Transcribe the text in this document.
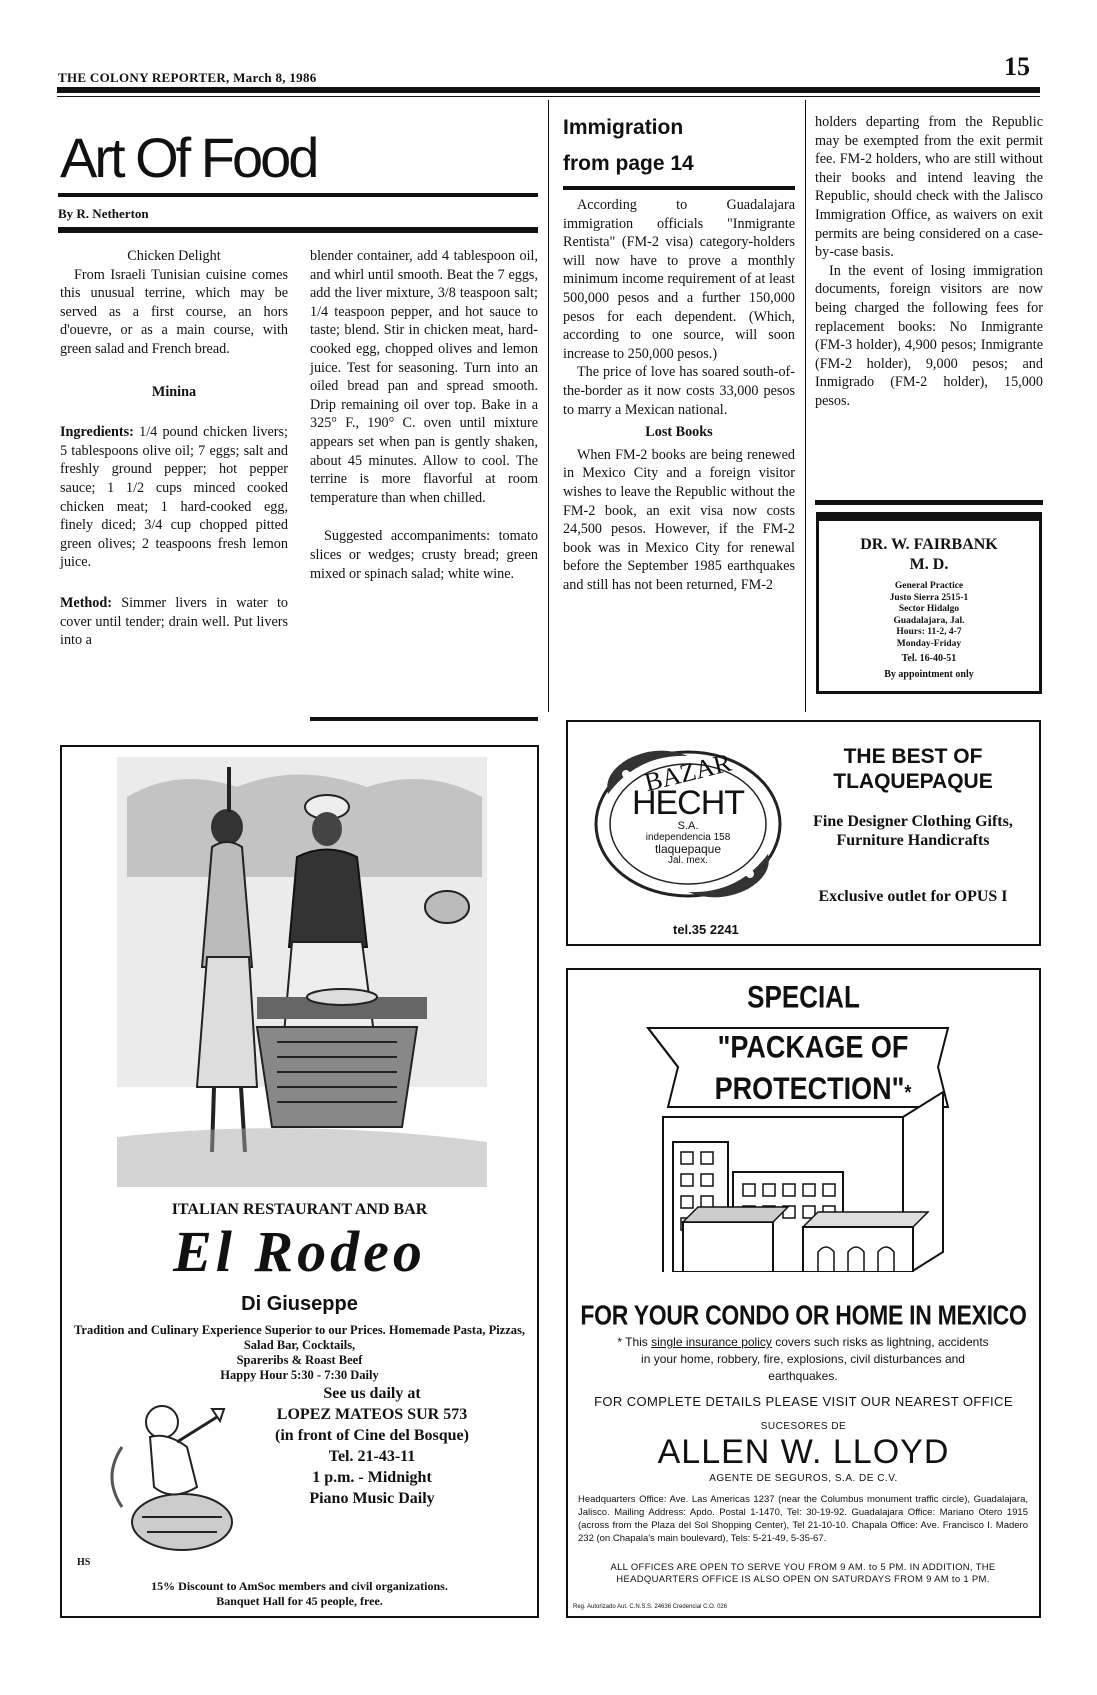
THE COLONY REPORTER, March 8, 1986	15
Art Of Food
By R. Netherton

Chicken Delight

From Israeli Tunisian cuisine comes this unusual terrine, which may be served as a first course, an hors d'ouevre, or as a main course, with green salad and French bread.

Minina

Ingredients: 1/4 pound chicken livers; 5 tablespoons olive oil; 7 eggs; salt and freshly ground pepper; hot pepper sauce; 1 1/2 cups minced cooked chicken meat; 1 hard-cooked egg, finely diced; 3/4 cup chopped pitted green olives; 2 teaspoons fresh lemon juice.

Method: Simmer livers in water to cover until tender; drain well. Put livers into a

blender container, add 4 tablespoon oil, and whirl until smooth. Beat the 7 eggs, add the liver mixture, 3/8 teaspoon salt; 1/4 teaspoon pepper, and hot sauce to taste; blend. Stir in chicken meat, hard-cooked egg, chopped olives and lemon juice. Test for seasoning. Turn into an oiled bread pan and spread smooth. Drip remaining oil over top. Bake in a 325° F., 190° C. oven until mixture appears set when pan is gently shaken, about 45 minutes. Allow to cool. The terrine is more flavorful at room temperature than when chilled.

Suggested accompaniments: tomato slices or wedges; crusty bread; green mixed or spinach salad; white wine.

Immigration
from page 14

According to Guadalajara immigration officials "Inmigrante Rentista" (FM-2 visa) category-holders will now have to prove a monthly minimum income requirement of at least 500,000 pesos and a further 150,000 pesos for each dependent. (Which, according to one source, will soon increase to 250,000 pesos.)

The price of love has soared south-of-the-border as it now costs 33,000 pesos to marry a Mexican national.

Lost Books

When FM-2 books are being renewed in Mexico City and a foreign visitor wishes to leave the Republic without the FM-2 book, an exit visa now costs 24,500 pesos. However, if the FM-2 book was in Mexico City for renewal before the September 1985 earthquakes and still has not been returned, FM-2

holders departing from the Republic may be exempted from the exit permit fee. FM-2 holders, who are still without their books and intend leaving the Republic, should check with the Jalisco Immigration Office, as waivers on exit permits are being considered on a case-by-case basis.

In the event of losing immigration documents, foreign visitors are now being charged the following fees for replacement books: No Inmigrante (FM-3 holder), 4,900 pesos; Inmigrante (FM-2 holder), 9,000 pesos; and Inmigrado (FM-2 holder), 15,000 pesos.

DR. W. FAIRBANK
M. D.
General Practice
Justo Sierra 2515-1
Sector Hidalgo
Guadalajara, Jal.
Hours: 11-2, 4-7
Monday-Friday
Tel. 16-40-51
By appointment only
ITALIAN RESTAURANT AND BAR
El Rodeo
Di Giuseppe
Tradition and Culinary Experience Superior to our Prices. Homemade Pasta, Pizzas, Salad Bar, Cocktails,
Spareribs & Roast Beef
Happy Hour 5:30 - 7:30 Daily
HS
See us daily at
LOPEZ MATEOS SUR 573
(in front of Cine del Bosque)
Tel. 21-43-11
1 p.m. - Midnight
Piano Music Daily
15% Discount to AmSoc members and civil organizations.
Banquet Hall for 45 people, free.
BAZAR
HECHT
S.A.
independencia 158
tlaquepaque
Jal. mex.
tel.35 2241
THE BEST OF TLAQUEPAQUE
Fine Designer Clothing Gifts, Furniture Handicrafts
Exclusive outlet for OPUS I
SPECIAL
"PACKAGE OF
PROTECTION"*
FOR YOUR CONDO OR HOME IN MEXICO
* This single insurance policy covers such risks as lightning, accidents in your home, robbery, fire, explosions, civil disturbances and earthquakes.
FOR COMPLETE DETAILS PLEASE VISIT OUR NEAREST OFFICE
SUCESORES DE
ALLEN W. LLOYD
AGENTE DE SEGUROS, S.A. DE C.V.
Headquarters Office: Ave. Las Americas 1237 (near the Columbus monument traffic circle), Guadalajara, Jalisco. Mailing Address: Apdo. Postal 1-1470, Tel: 30-19-92. Guadalajara Office: Mariano Otero 1915 (across from the Plaza del Sol Shopping Center), Tel 21-10-10. Chapala Office: Ave. Francisco I. Madero 232 (on Chapala's main boulevard), Tels: 5-21-49, 5-35-67.
ALL OFFICES ARE OPEN TO SERVE YOU FROM 9 AM. to 5 PM. IN ADDITION, THE HEADQUARTERS OFFICE IS ALSO OPEN ON SATURDAYS FROM 9 AM to 1 PM.
Reg. Autorizado Aut. C.N.S.S. 24636 Credencial C.O. 026
